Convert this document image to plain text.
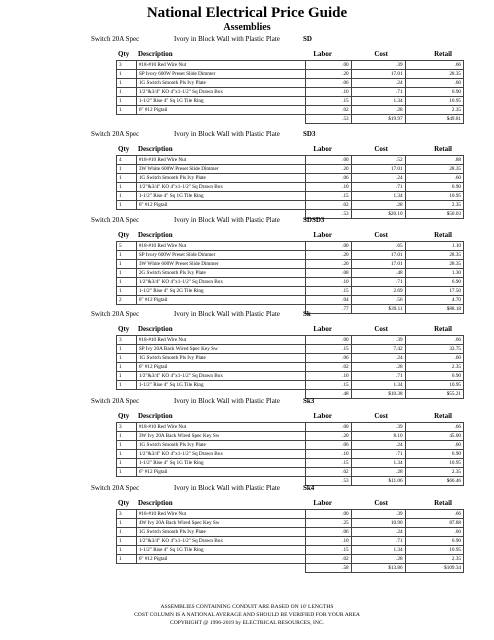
National Electrical Price Guide
Assemblies
Switch 20A Spec	Ivory in Block Wall with Plastic Plate	SD
Qty Description	Labor	Cost	Retail
3	#18-#10 Red Wire Nut	.00	.39	.66
1	SP Ivory 600W Preset Slide Dimmer	.20	17.01	28.35
1	1G Switch Smooth Pls Ivy Plate	.06	.24	.60
1	1/2"&3/4" KO 4"x1-1/2" Sq Drawn Box	.10	.71	6.90
1	1-1/2" Rise 4" Sq 1G Tile Ring	.15	1.34	10.95
1	6" #12 Pigtail	.02	.28	2.35
		.53	$19.97	$49.81
Switch 20A Spec	Ivory in Block Wall with Plastic Plate	SD3
Qty Description	Labor	Cost	Retail
4	#18-#10 Red Wire Nut	.00	.52	.88
1	3W White 600W Preset Slide Dimmer	.20	17.01	28.35
1	1G Switch Smooth Pls Ivy Plate	.06	.24	.60
1	1/2"&3/4" KO 4"x1-1/2" Sq Drawn Box	.10	.71	6.90
1	1-1/2" Rise 4" Sq 1G Tile Ring	.15	1.34	10.95
1	6" #12 Pigtail	.02	.28	2.35
		.53	$20.10	$50.03
Switch 20A Spec	Ivory in Block Wall with Plastic Plate	SDSD3
Qty Description	Labor	Cost	Retail
5	#18-#10 Red Wire Nut	.00	.65	1.10
1	SP Ivory 600W Preset Slide Dimmer	.20	17.01	28.35
1	3W White 600W Preset Slide Dimmer	.20	17.01	28.35
1	2G Switch Smooth Pls Ivy Plate	.08	.48	1.30
1	1/2"&3/4" KO 4"x1-1/2" Sq Drawn Box	.10	.71	6.90
1	1-1/2" Rise 4" Sq 2G Tile Ring	.15	2.69	17.50
2	6" #12 Pigtail	.04	.56	4.70
		.77	$39.11	$88.18
Switch 20A Spec	Ivory in Block Wall with Plastic Plate	Sk
Qty Description	Labor	Cost	Retail
3	#18-#10 Red Wire Nut	.00	.39	.66
1	SP Ivy 20A Back Wired Spec Key Sw	.15	7.42	33.75
1	1G Switch Smooth Pls Ivy Plate	.06	.24	.60
1	6" #12 Pigtail	.02	.28	2.35
1	1/2"&3/4" KO 4"x1-1/2" Sq Drawn Box	.10	.71	6.90
1	1-1/2" Rise 4" Sq 1G Tile Ring	.15	1.34	10.95
		.48	$10.38	$55.21
Switch 20A Spec	Ivory in Block Wall with Plastic Plate	Sk3
Qty Description	Labor	Cost	Retail
3	#18-#10 Red Wire Nut	.00	.39	.66
1	3W Ivy 20A Back Wired Spec Key Sw	.20	8.10	45.00
1	1G Switch Smooth Pls Ivy Plate	.06	.24	.60
1	1/2"&3/4" KO 4"x1-1/2" Sq Drawn Box	.10	.71	6.90
1	1-1/2" Rise 4" Sq 1G Tile Ring	.15	1.34	10.95
1	6" #12 Pigtail	.02	.28	2.35
		.53	$11.06	$66.46
Switch 20A Spec	Ivory in Block Wall with Plastic Plate	Sk4
Qty Description	Labor	Cost	Retail
3	#18-#10 Red Wire Nut	.00	.39	.66
1	4W Ivy 20A Back Wired Spec Key Sw	.25	10.90	87.88
1	1G Switch Smooth Pls Ivy Plate	.06	.24	.60
1	1/2"&3/4" KO 4"x1-1/2" Sq Drawn Box	.10	.71	6.90
1	1-1/2" Rise 4" Sq 1G Tile Ring	.15	1.34	10.95
1	6" #12 Pigtail	.02	.28	2.35
		.58	$13.86	$109.34
ASSEMBLIES CONTAINING CONDUIT ARE BASED ON 10' LENGTHS
COST COLUMN IS A NATIONAL AVERAGE AND SHOULD BE VERIFIED FOR YOUR AREA
COPYRIGHT @ 1996-2019 by ELECTRICAL RESOURCES, INC.
